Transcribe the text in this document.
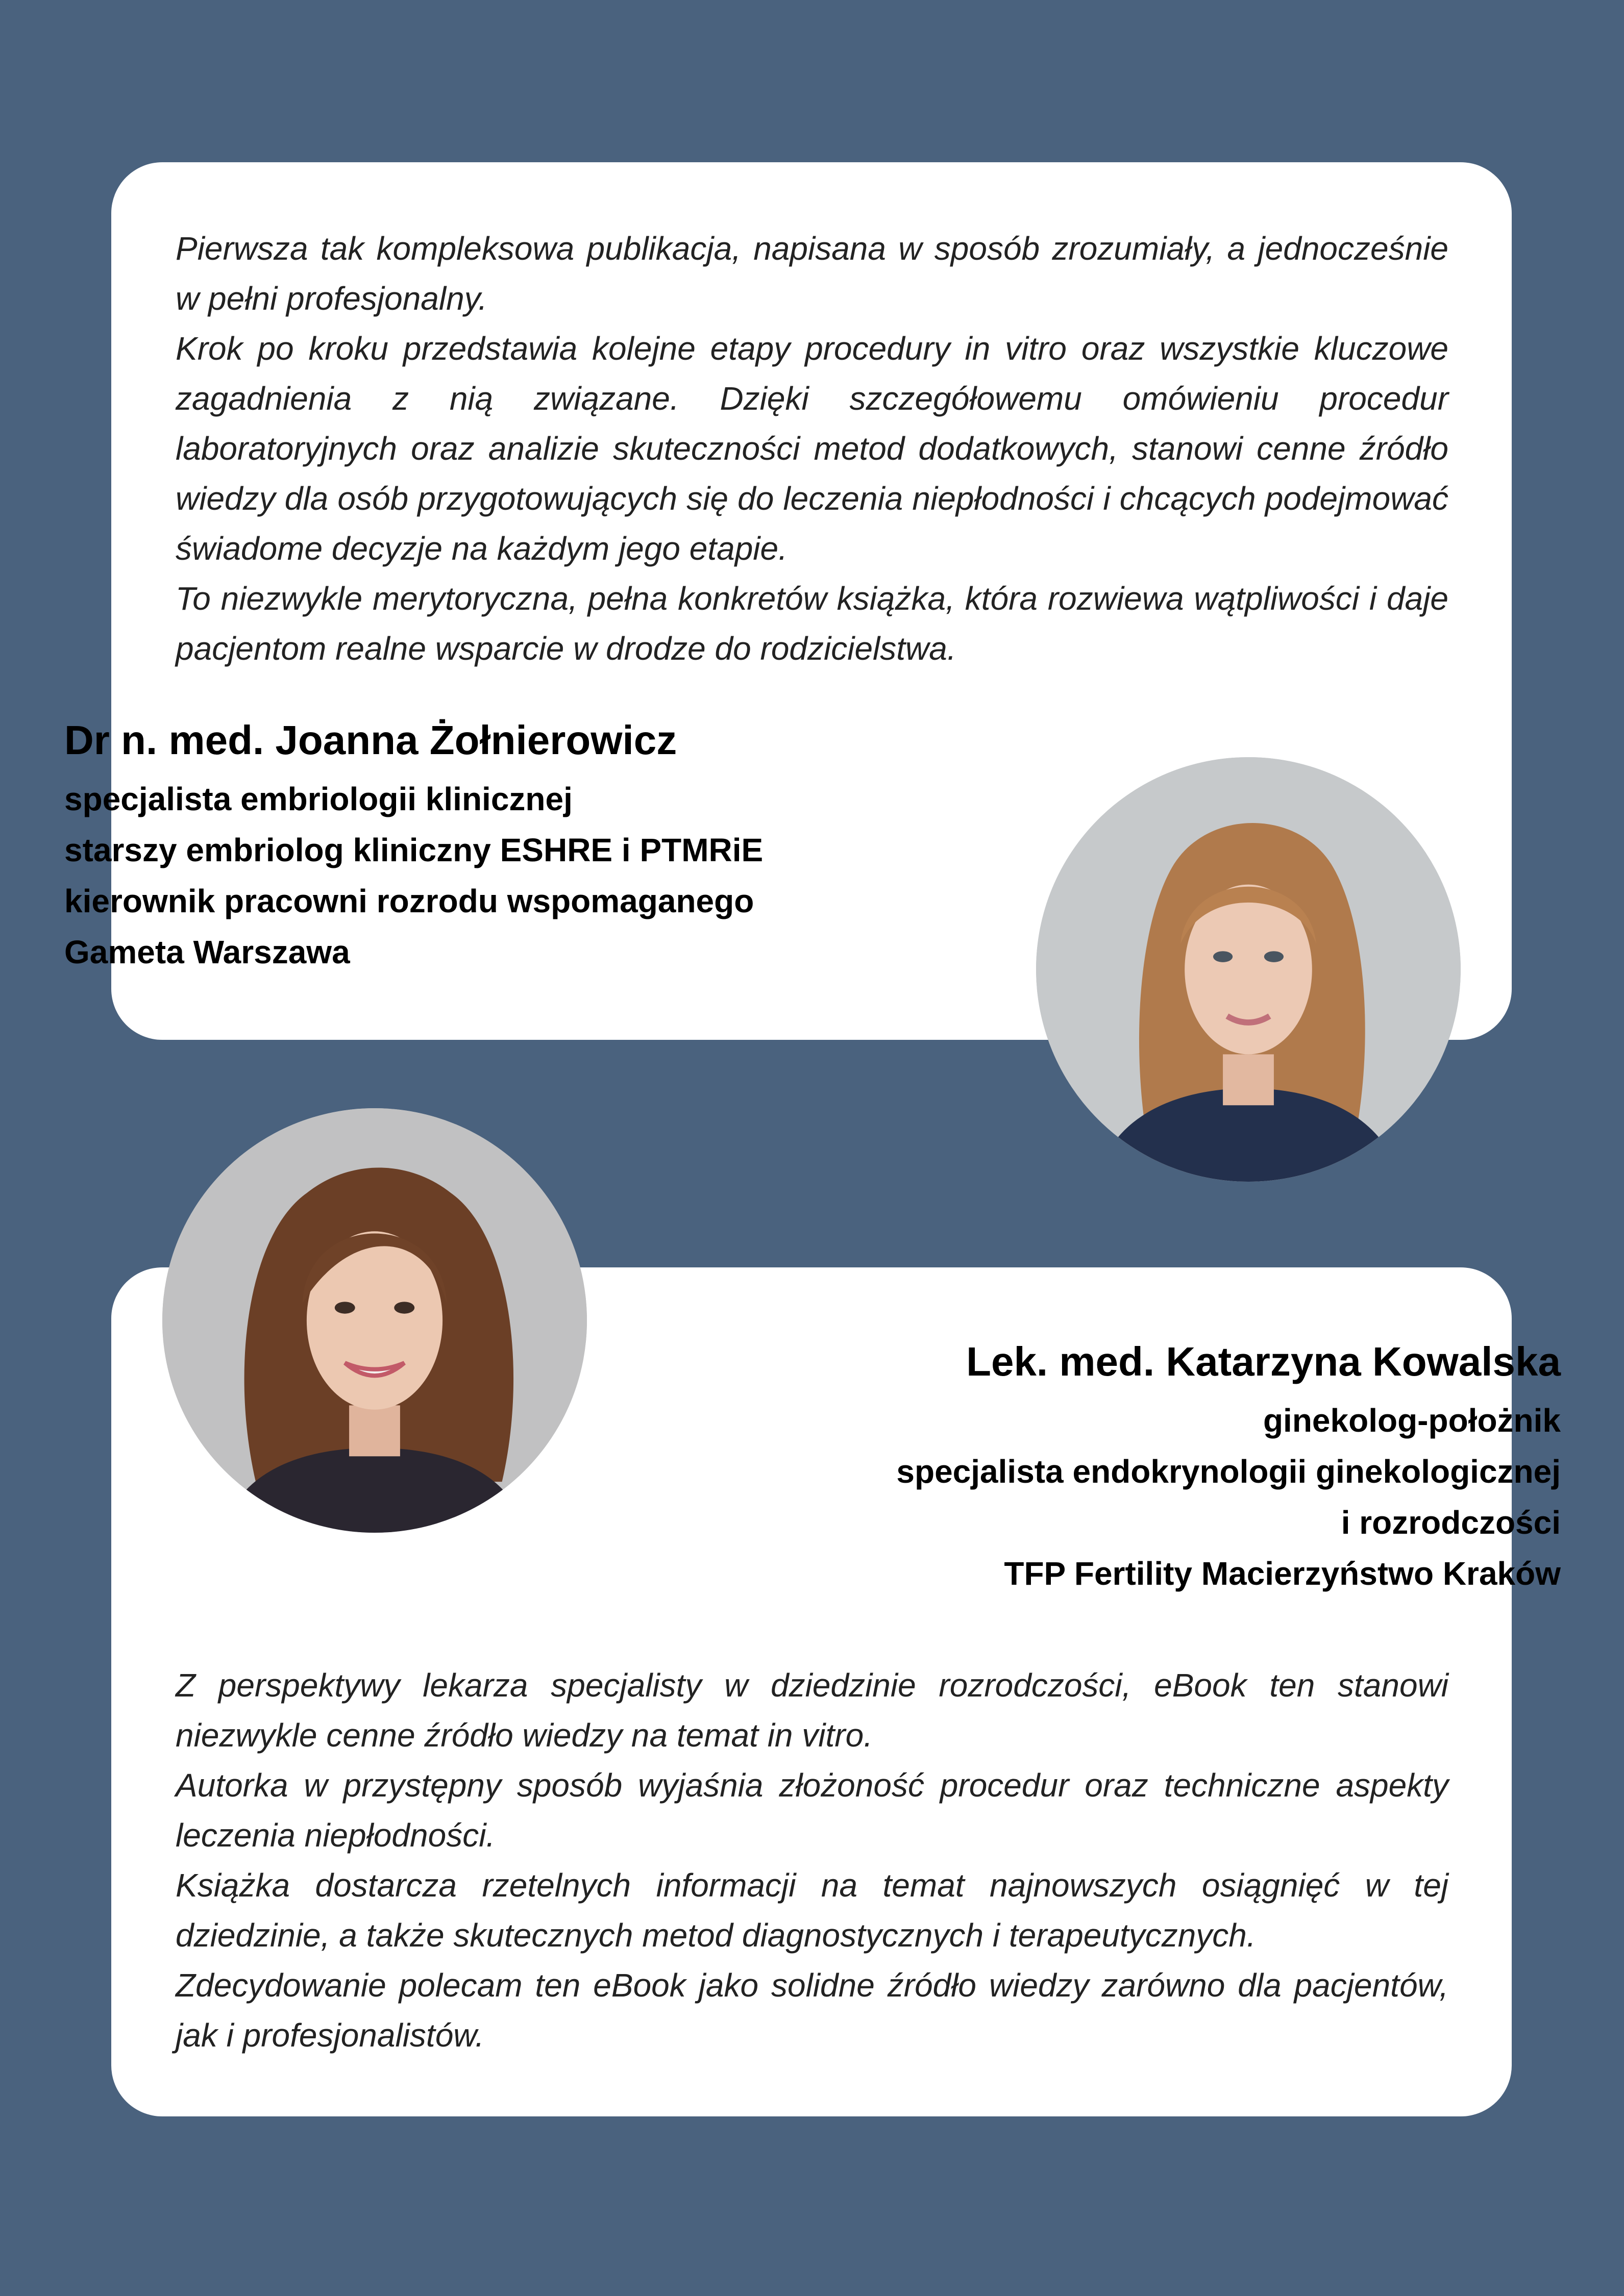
Pierwsza tak kompleksowa publikacja, napisana w sposób zrozumiały, a jednocześnie w pełni profesjonalny.

Krok po kroku przedstawia kolejne etapy procedury in vitro oraz wszystkie kluczowe zagadnienia z nią związane. Dzięki szczegółowemu omówieniu procedur laboratoryjnych oraz analizie skuteczności metod dodatkowych, stanowi cenne źródło wiedzy dla osób przygotowujących się do leczenia niepłodności i chcących podejmować świadome decyzje na każdym jego etapie.

To niezwykle merytoryczna, pełna konkretów książka, która rozwiewa wątpliwości i daje pacjentom realne wsparcie w drodze do rodzicielstwa.

Dr n. med. Joanna Żołnierowicz

specjalista embriologii klinicznej

starszy embriolog kliniczny ESHRE i PTMRiE

kierownik pracowni rozrodu wspomaganego

Gameta Warszawa

Z perspektywy lekarza specjalisty w dziedzinie rozrodczości, eBook ten stanowi niezwykle cenne źródło wiedzy na temat in vitro.

Autorka w przystępny sposób wyjaśnia złożoność procedur oraz techniczne aspekty leczenia niepłodności.

Książka dostarcza rzetelnych informacji na temat najnowszych osiągnięć w tej dziedzinie, a także skutecznych metod diagnostycznych i terapeutycznych.

Zdecydowanie polecam ten eBook jako solidne źródło wiedzy zarówno dla pacjentów, jak i profesjonalistów.

Lek. med. Katarzyna Kowalska

ginekolog-położnik

specjalista endokrynologii ginekologicznej

i rozrodczości

TFP Fertility Macierzyństwo Kraków
